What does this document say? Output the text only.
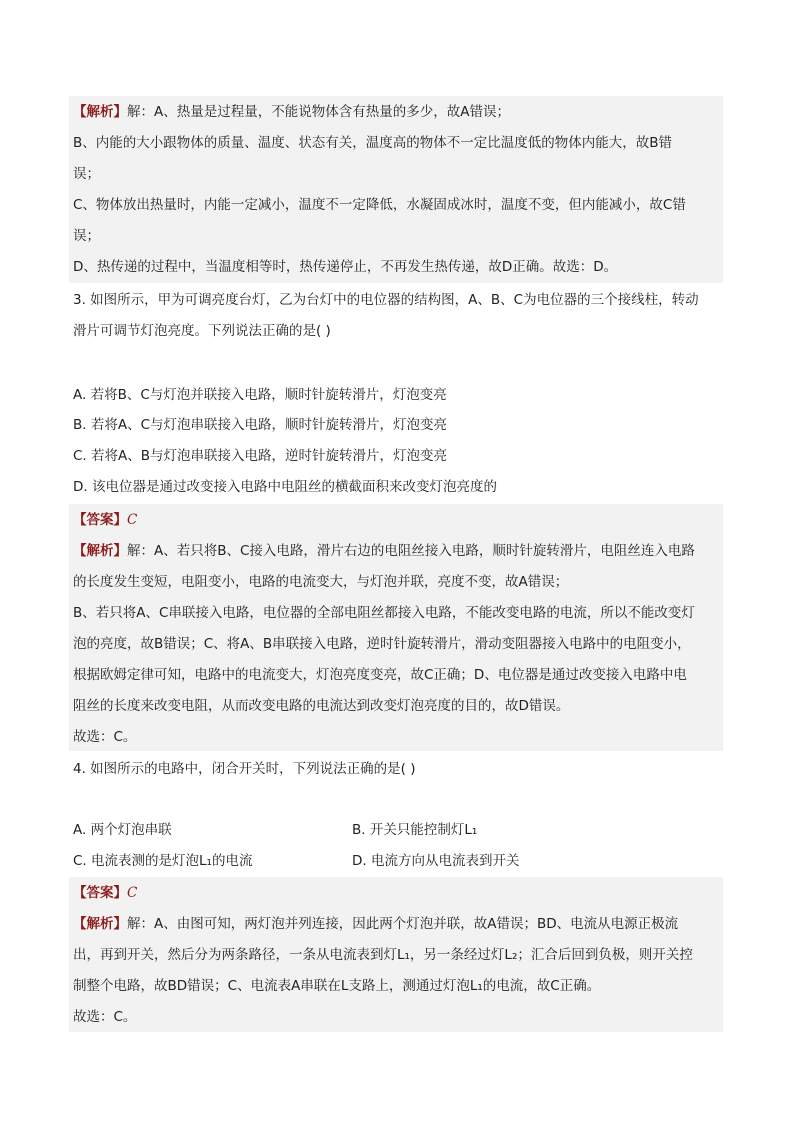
【解析】解：A、热量是过程量，不能说物体含有热量的多少，故A错误；
B、内能的大小跟物体的质量、温度、状态有关，温度高的物体不一定比温度低的物体内能大，故B错
误；
C、物体放出热量时，内能一定减小，温度不一定降低，水凝固成冰时，温度不变，但内能减小，故C错
误；
D、热传递的过程中，当温度相等时，热传递停止，不再发生热传递，故D正确。故选：D。
3. 如图所示，甲为可调亮度台灯，乙为台灯中的电位器的结构图，A、B、C为电位器的三个接线柱，转动
滑片可调节灯泡亮度。下列说法正确的是( )
A. 若将B、C与灯泡并联接入电路，顺时针旋转滑片，灯泡变亮
B. 若将A、C与灯泡串联接入电路，顺时针旋转滑片，灯泡变亮
C. 若将A、B与灯泡串联接入电路，逆时针旋转滑片，灯泡变亮
D. 该电位器是通过改变接入电路中电阻丝的横截面积来改变灯泡亮度的
【答案】C
【解析】解：A、若只将B、C接入电路，滑片右边的电阻丝接入电路，顺时针旋转滑片，电阻丝连入电路
的长度发生变短，电阻变小，电路的电流变大，与灯泡并联，亮度不变，故A错误；
B、若只将A、C串联接入电路，电位器的全部电阻丝都接入电路，不能改变电路的电流，所以不能改变灯
泡的亮度，故B错误；C、将A、B串联接入电路，逆时针旋转滑片，滑动变阻器接入电路中的电阻变小，
根据欧姆定律可知，电路中的电流变大，灯泡亮度变亮，故C正确；D、电位器是通过改变接入电路中电
阻丝的长度来改变电阻，从而改变电路的电流达到改变灯泡亮度的目的，故D错误。
故选：C。
4. 如图所示的电路中，闭合开关时，下列说法正确的是( )
A. 两个灯泡串联	B. 开关只能控制灯L₁
C. 电流表测的是灯泡L₁的电流	D. 电流方向从电流表到开关
【答案】C
【解析】解：A、由图可知，两灯泡并列连接，因此两个灯泡并联，故A错误；BD、电流从电源正极流
出，再到开关，然后分为两条路径，一条从电流表到灯L₁，另一条经过灯L₂；汇合后回到负极，则开关控
制整个电路，故BD错误；C、电流表A串联在L支路上，测通过灯泡L₁的电流，故C正确。
故选：C。
